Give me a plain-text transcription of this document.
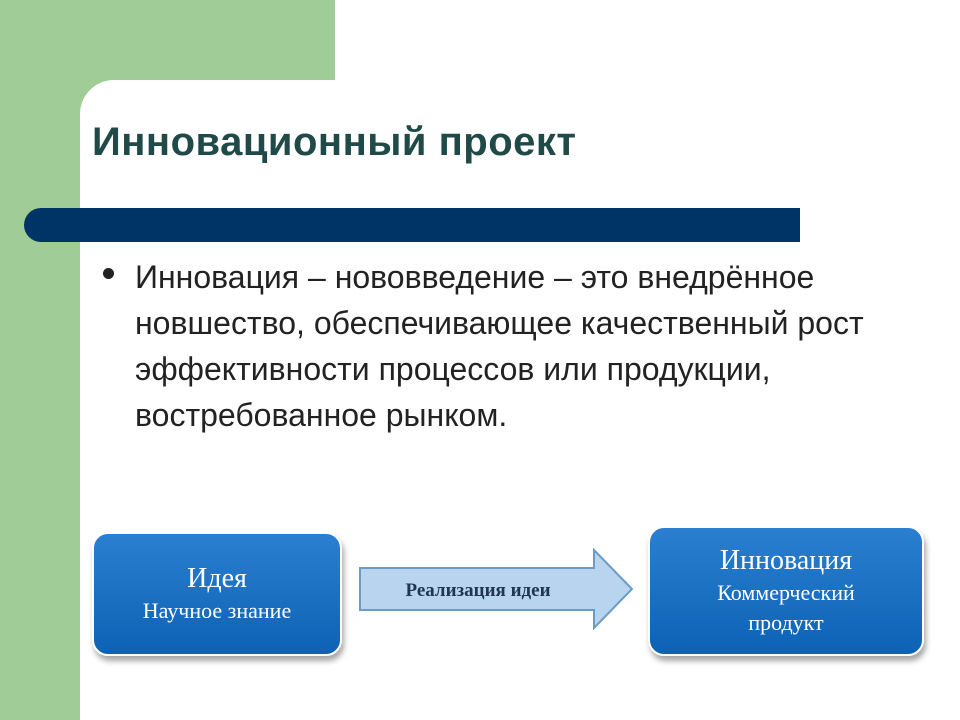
Инновационный проект

Инновация – нововведение – это внедрённое новшество, обеспечивающее качественный рост эффективности процессов или продукции, востребованное рынком.

Идея
Научное знание
Реализация идеи
Инновация
Коммерческий
продукт
